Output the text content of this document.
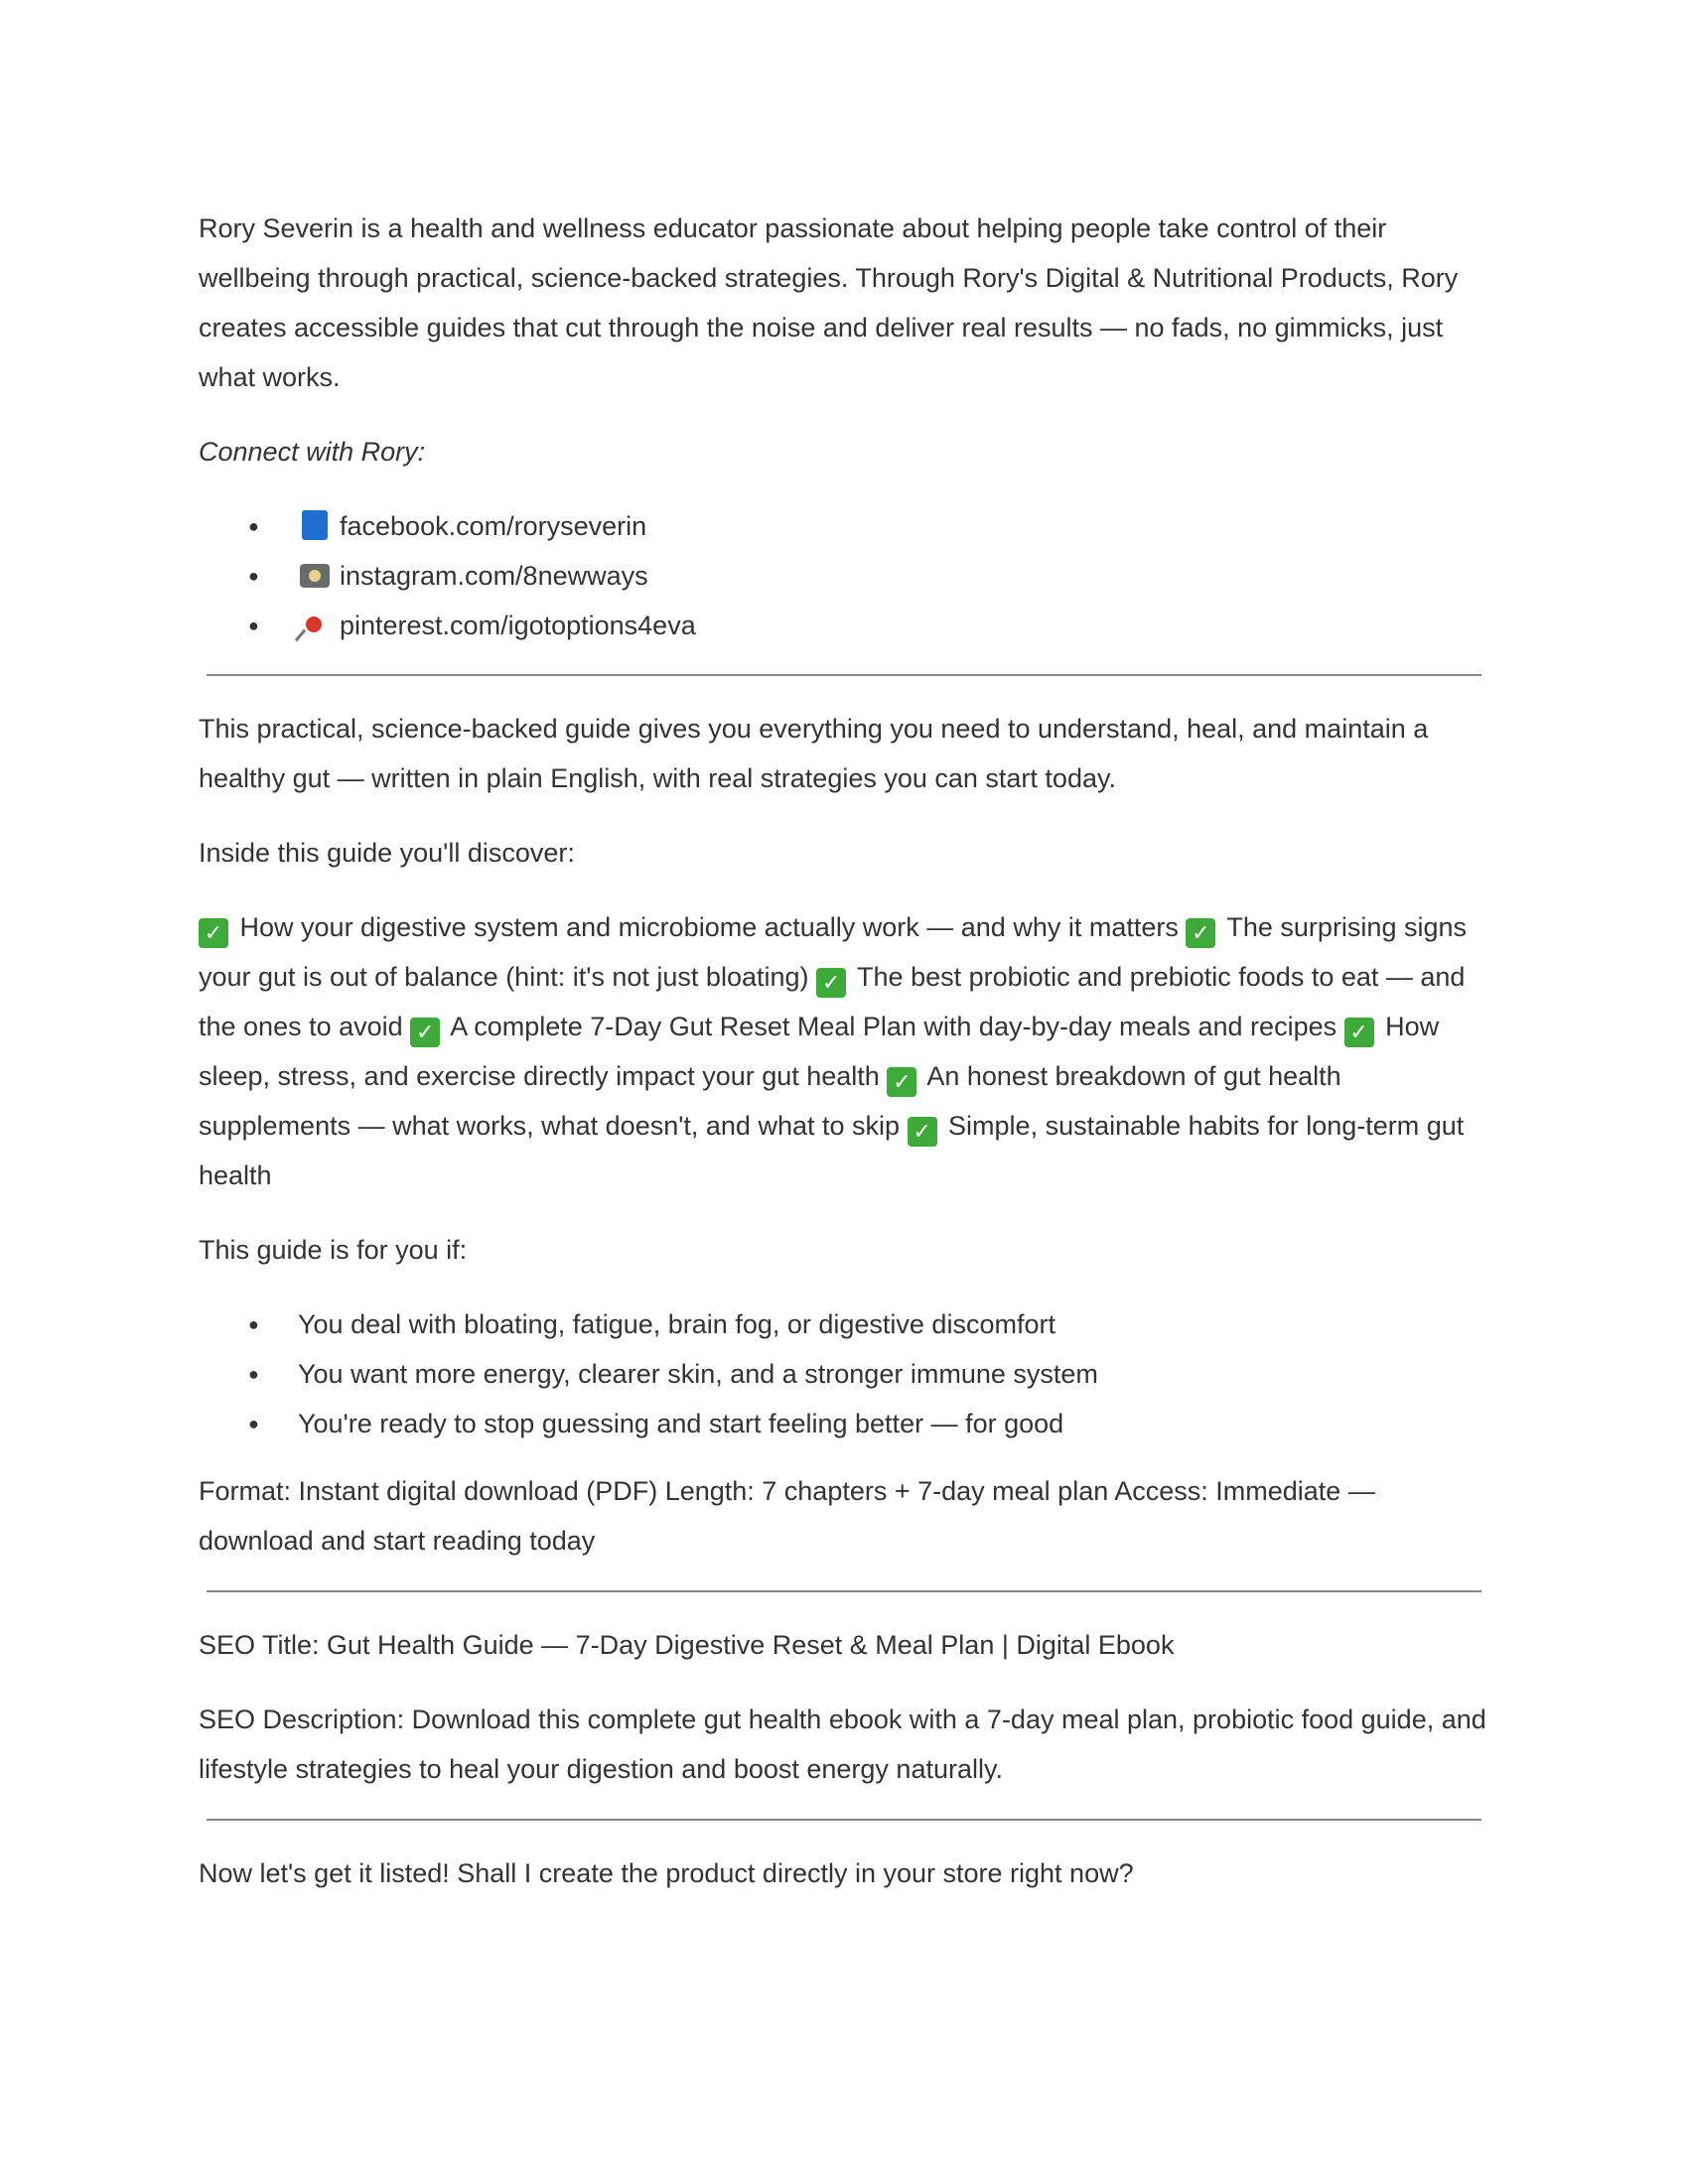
Rory Severin is a health and wellness educator passionate about helping people take control of their wellbeing through practical, science-backed strategies. Through Rory's Digital & Nutritional Products, Rory creates accessible guides that cut through the noise and deliver real results — no fads, no gimmicks, just what works.

Connect with Rory:

●	facebook.com/roryseverin
●	instagram.com/8newways
●	pinterest.com/igotoptions4eva

This practical, science-backed guide gives you everything you need to understand, heal, and maintain a healthy gut — written in plain English, with real strategies you can start today.

Inside this guide you'll discover:

✓ How your digestive system and microbiome actually work — and why it matters ✓ The surprising signs your gut is out of balance (hint: it's not just bloating) ✓ The best probiotic and prebiotic foods to eat — and the ones to avoid ✓ A complete 7-Day Gut Reset Meal Plan with day-by-day meals and recipes ✓ How sleep, stress, and exercise directly impact your gut health ✓ An honest breakdown of gut health supplements — what works, what doesn't, and what to skip ✓ Simple, sustainable habits for long-term gut health

This guide is for you if:

● You deal with bloating, fatigue, brain fog, or digestive discomfort
● You want more energy, clearer skin, and a stronger immune system
● You're ready to stop guessing and start feeling better — for good

Format: Instant digital download (PDF) Length: 7 chapters + 7-day meal plan Access: Immediate — download and start reading today

SEO Title: Gut Health Guide — 7-Day Digestive Reset & Meal Plan | Digital Ebook

SEO Description: Download this complete gut health ebook with a 7-day meal plan, probiotic food guide, and lifestyle strategies to heal your digestion and boost energy naturally.

Now let's get it listed! Shall I create the product directly in your store right now?
